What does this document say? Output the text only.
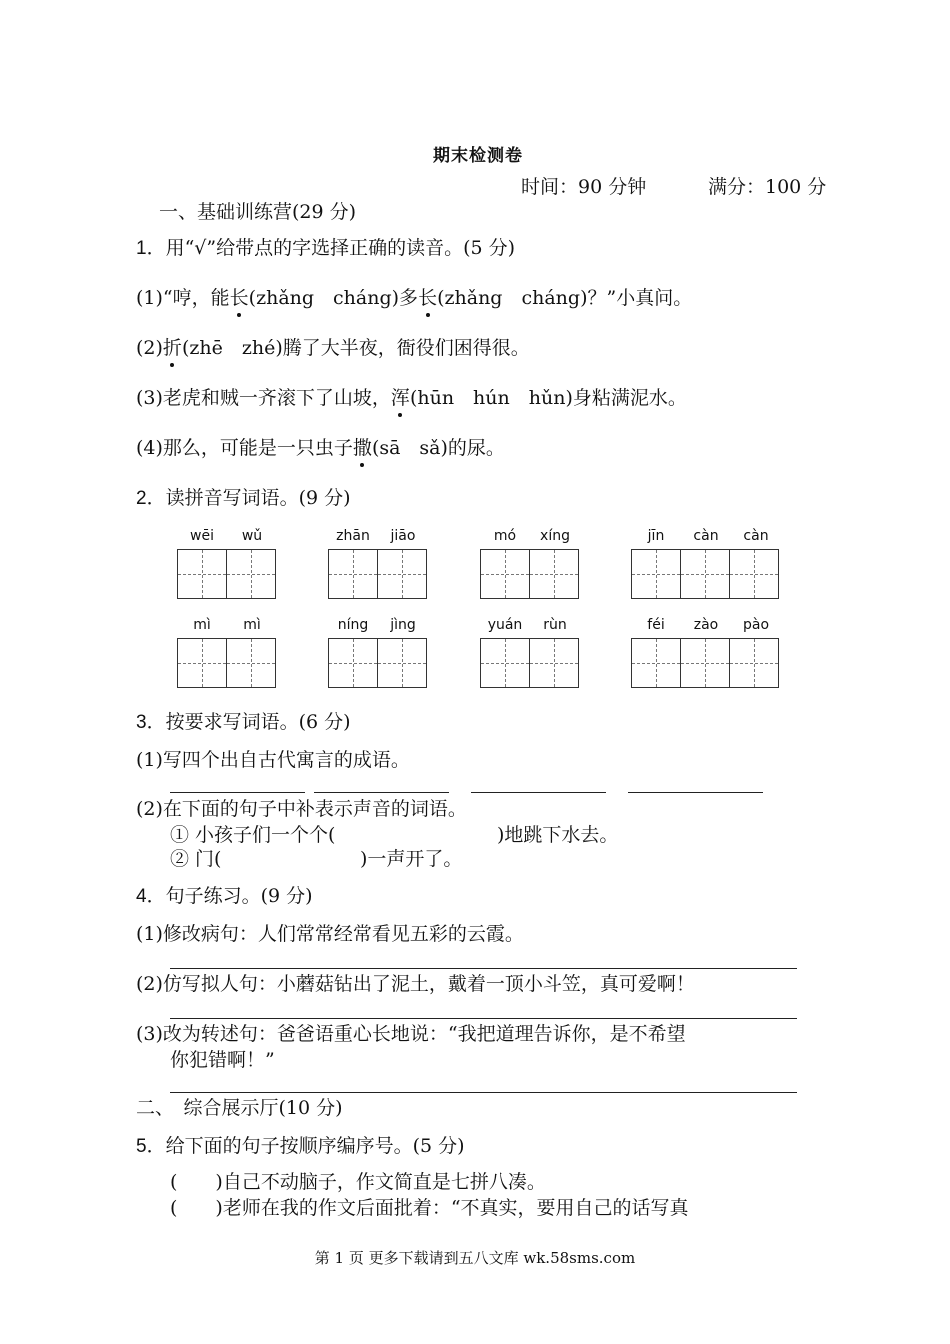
期末检测卷
时间：90 分钟	满分：100 分
一、基础训练营(29 分)
1．用“√”给带点的字选择正确的读音。(5 分)
(1)“哼，能长(zhǎng　cháng)多长(zhǎng　cháng)？”小真问。
(2)折(zhē　zhé)腾了大半夜，衙役们困得很。
(3)老虎和贼一齐滚下了山坡，浑(hūn　hún　hǔn)身粘满泥水。
(4)那么，可能是一只虫子撒(sā　sǎ)的尿。
2．读拼音写词语。(9 分)
wēi	wǔ	zhān	jiāo	mó	xíng	jīn	càn	càn
mì	mì	níng	jìng	yuán	rùn	féi	zào	pào
3．按要求写词语。(6 分)
(1)写四个出自古代寓言的成语。
(2)在下面的句子中补表示声音的词语。
① 小孩子们一个个(	)地跳下水去。
② 门(	)一声开了。
4．句子练习。(9 分)
(1)修改病句：人们常常经常看见五彩的云霞。
(2)仿写拟人句：小蘑菇钻出了泥土，戴着一顶小斗笠，真可爱啊！
(3)改为转述句：爸爸语重心长地说：“我把道理告诉你，是不希望
你犯错啊！”
二、　综合展示厅(10 分)
5．给下面的句子按顺序编序号。(5 分)
(　　)自己不动脑子，作文简直是七拼八凑。
(　　)老师在我的作文后面批着：“不真实，要用自己的话写真
第 1 页 更多下载请到五八文库 wk.58sms.com
